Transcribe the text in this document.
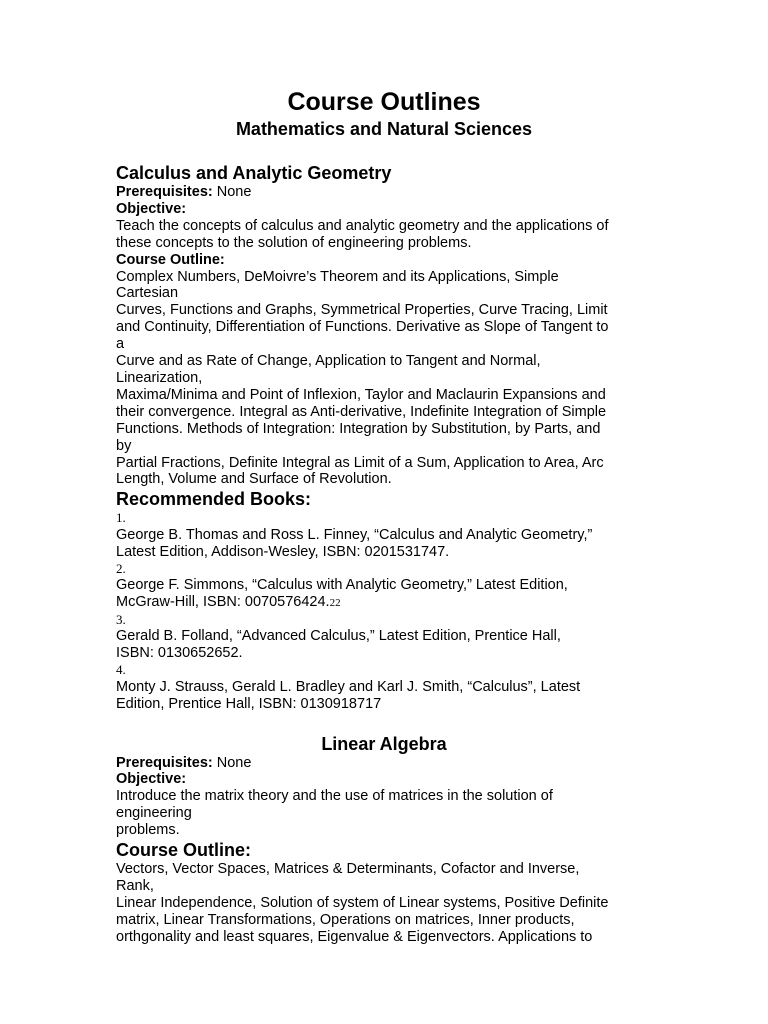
Course Outlines
Mathematics and Natural Sciences
Calculus and Analytic Geometry

Prerequisites: None

Objective:

Teach the concepts of calculus and analytic geometry and the applications of

these concepts to the solution of engineering problems.

Course Outline:

Complex Numbers, DeMoivre’s Theorem and its Applications, Simple

Cartesian

Curves, Functions and Graphs, Symmetrical Properties, Curve Tracing, Limit

and Continuity, Differentiation of Functions. Derivative as Slope of Tangent to

a

Curve and as Rate of Change, Application to Tangent and Normal,

Linearization,

Maxima/Minima and Point of Inflexion, Taylor and Maclaurin Expansions and

their convergence. Integral as Anti-derivative, Indefinite Integration of Simple

Functions. Methods of Integration: Integration by Substitution, by Parts, and

by

Partial Fractions, Definite Integral as Limit of a Sum, Application to Area, Arc

Length, Volume and Surface of Revolution.

Recommended Books:

1.

George B. Thomas and Ross L. Finney, “Calculus and Analytic Geometry,”

Latest Edition, Addison-Wesley, ISBN: 0201531747.

2.

George F. Simmons, “Calculus with Analytic Geometry,” Latest Edition,

McGraw-Hill, ISBN: 0070576424.22

3.

Gerald B. Folland, “Advanced Calculus,” Latest Edition, Prentice Hall,

ISBN: 0130652652.

4.

Monty J. Strauss, Gerald L. Bradley and Karl J. Smith, “Calculus”, Latest

Edition, Prentice Hall, ISBN: 0130918717

Linear Algebra

Prerequisites: None

Objective:

Introduce the matrix theory and the use of matrices in the solution of

engineering

problems.

Course Outline:

Vectors, Vector Spaces, Matrices & Determinants, Cofactor and Inverse,

Rank,

Linear Independence, Solution of system of Linear systems, Positive Definite

matrix, Linear Transformations, Operations on matrices, Inner products,

orthgonality and least squares, Eigenvalue & Eigenvectors. Applications to
